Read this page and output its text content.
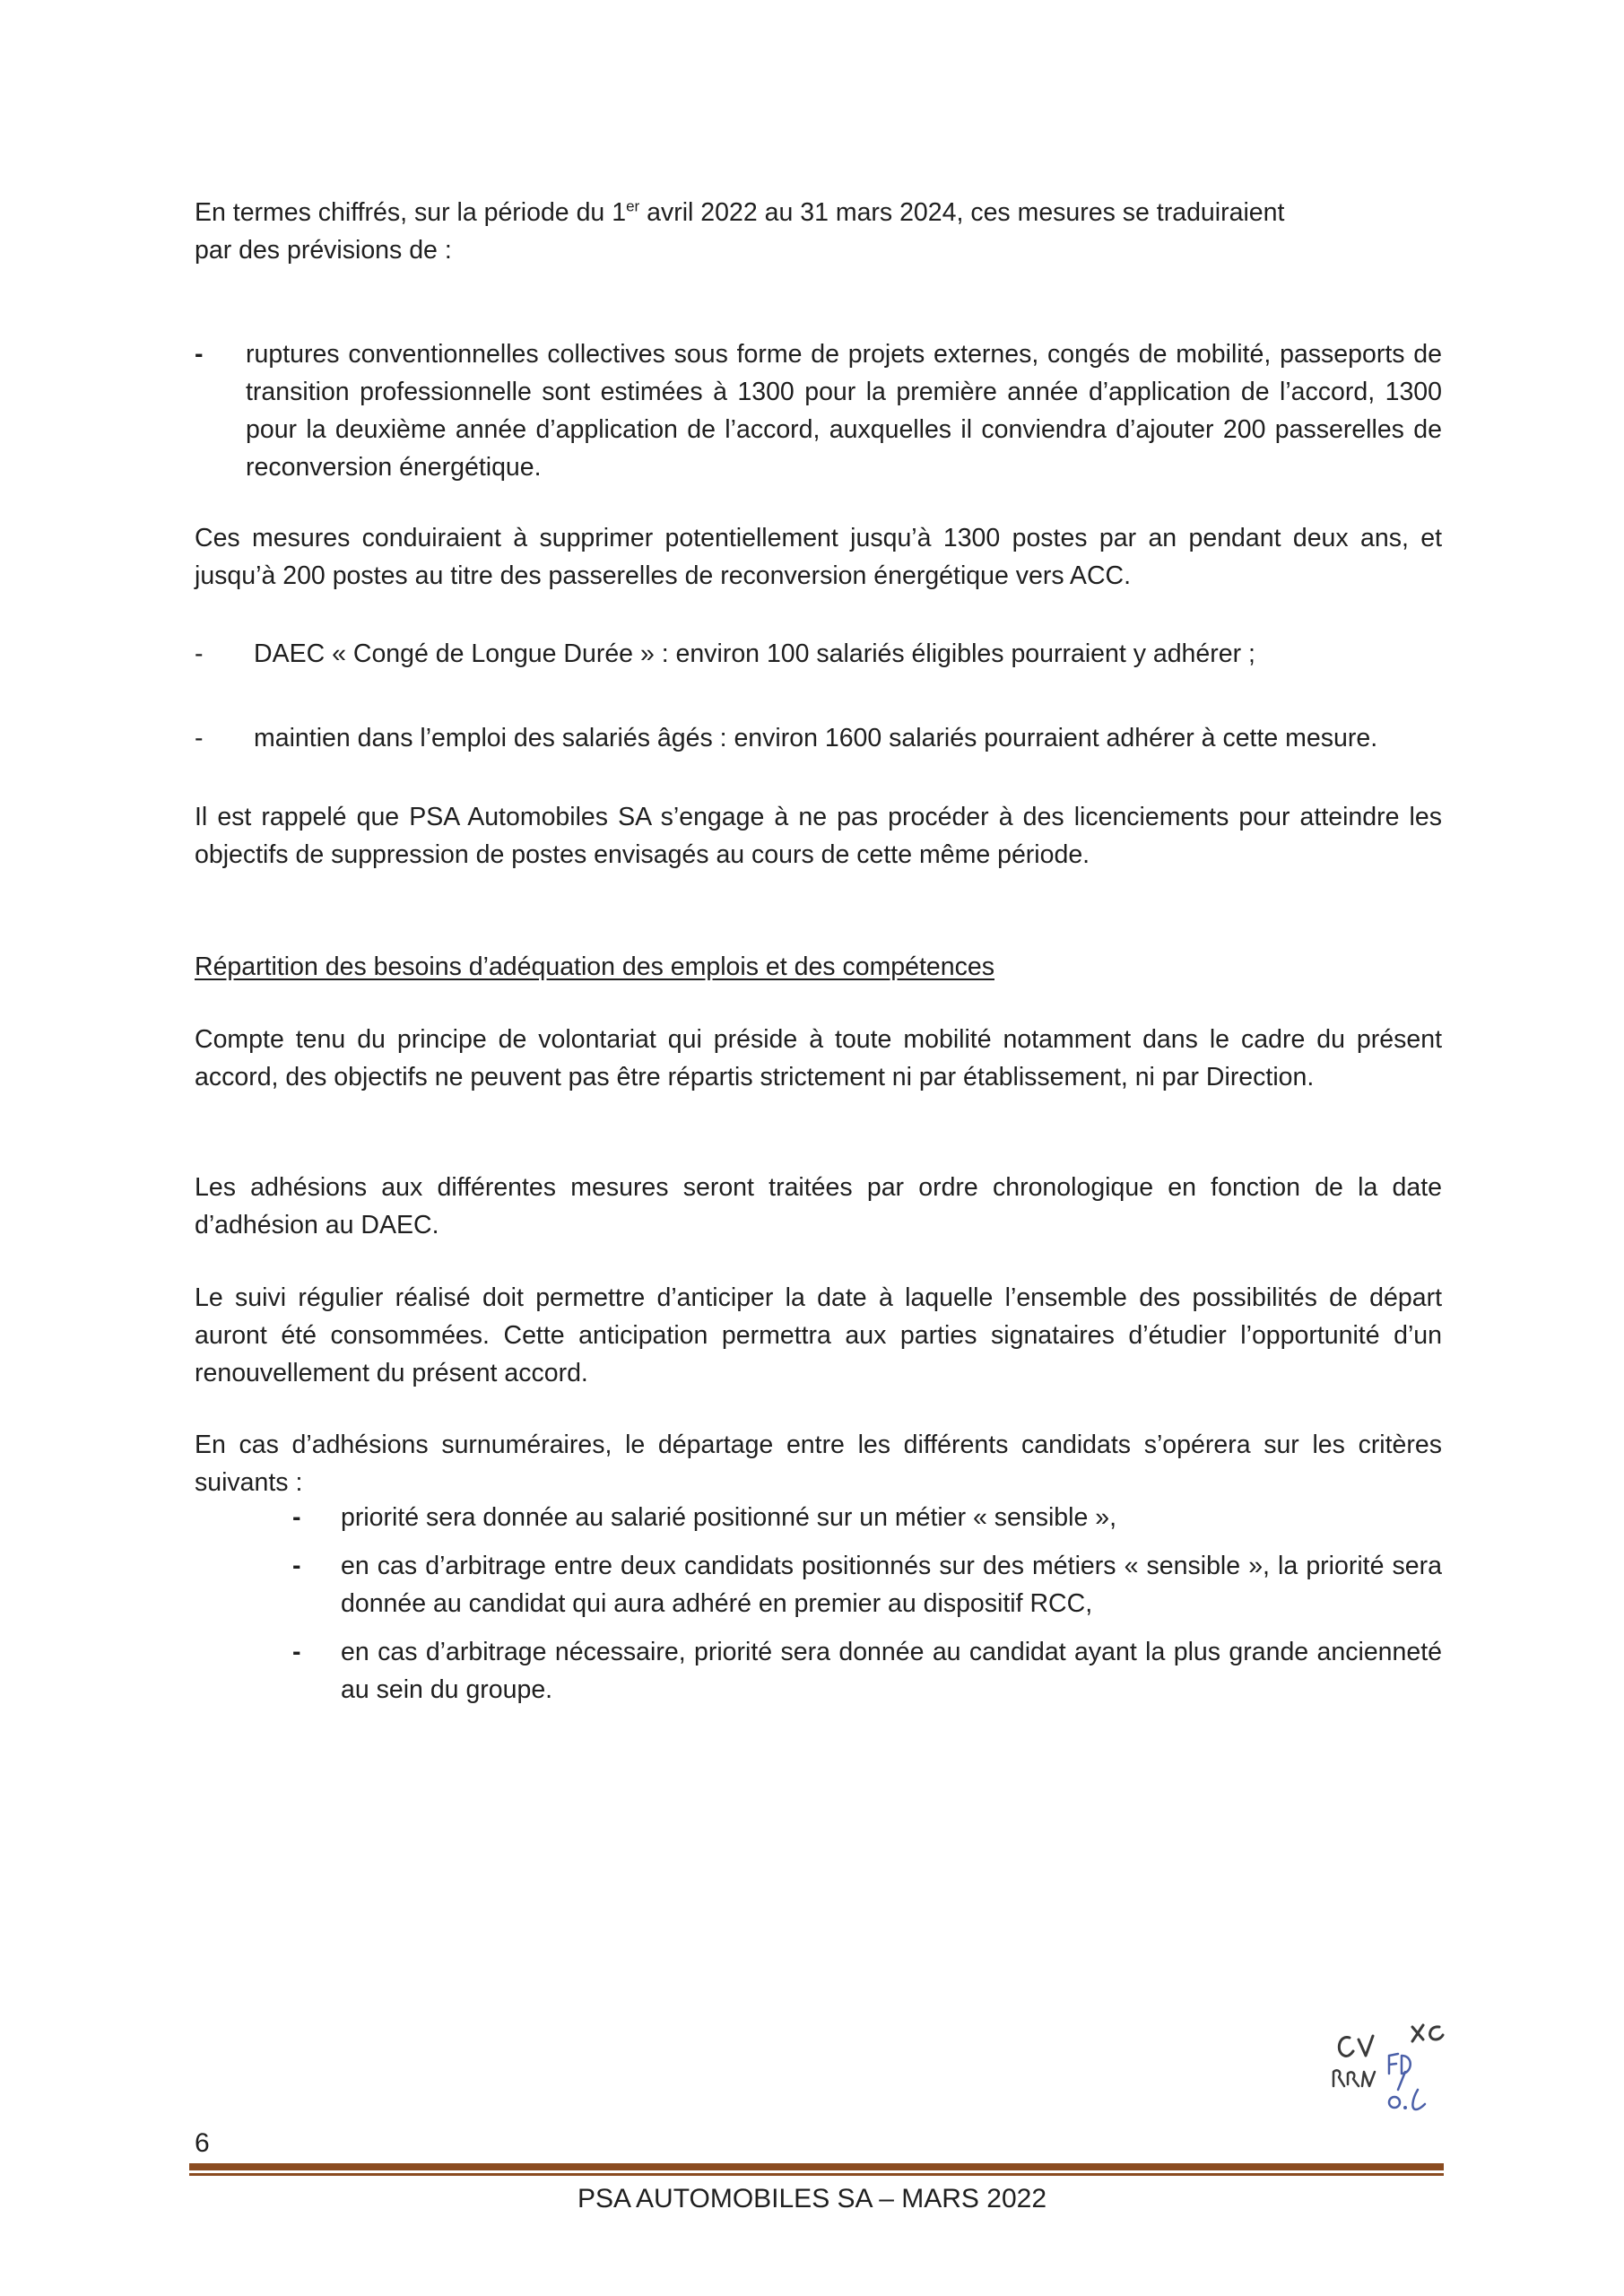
En termes chiffrés, sur la période du 1er avril 2022 au 31 mars 2024, ces mesures se traduiraient
par des prévisions de :

- ruptures conventionnelles collectives sous forme de projets externes, congés de mobilité, passeports de transition professionnelle sont estimées à 1300 pour la première année d’application de l’accord, 1300 pour la deuxième année d’application de l’accord, auxquelles il conviendra d’ajouter 200 passerelles de reconversion énergétique.

Ces mesures conduiraient à supprimer potentiellement jusqu’à 1300 postes par an pendant deux ans, et jusqu’à 200 postes au titre des passerelles de reconversion énergétique vers ACC.

- DAEC « Congé de Longue Durée » : environ 100 salariés éligibles pourraient y adhérer ;

- maintien dans l’emploi des salariés âgés : environ 1600 salariés pourraient adhérer à cette mesure.

Il est rappelé que PSA Automobiles SA s’engage à ne pas procéder à des licenciements pour atteindre les objectifs de suppression de postes envisagés au cours de cette même période.

Répartition des besoins d’adéquation des emplois et des compétences

Compte tenu du principe de volontariat qui préside à toute mobilité notamment dans le cadre du présent accord, des objectifs ne peuvent pas être répartis strictement ni par établissement, ni par Direction.

Les adhésions aux différentes mesures seront traitées par ordre chronologique en fonction de la date d’adhésion au DAEC.

Le suivi régulier réalisé doit permettre d’anticiper la date à laquelle l’ensemble des possibilités de départ auront été consommées. Cette anticipation permettra aux parties signataires d’étudier l’opportunité d’un renouvellement du présent accord.

En cas d’adhésions surnuméraires, le départage entre les différents candidats s’opérera sur les critères suivants :

- priorité sera donnée au salarié positionné sur un métier « sensible »,
- en cas d’arbitrage entre deux candidats positionnés sur des métiers « sensible », la priorité sera donnée au candidat qui aura adhéré en premier au dispositif RCC,
- en cas d’arbitrage nécessaire, priorité sera donnée au candidat ayant la plus grande ancienneté au sein du groupe.
6
PSA AUTOMOBILES SA – MARS 2022
